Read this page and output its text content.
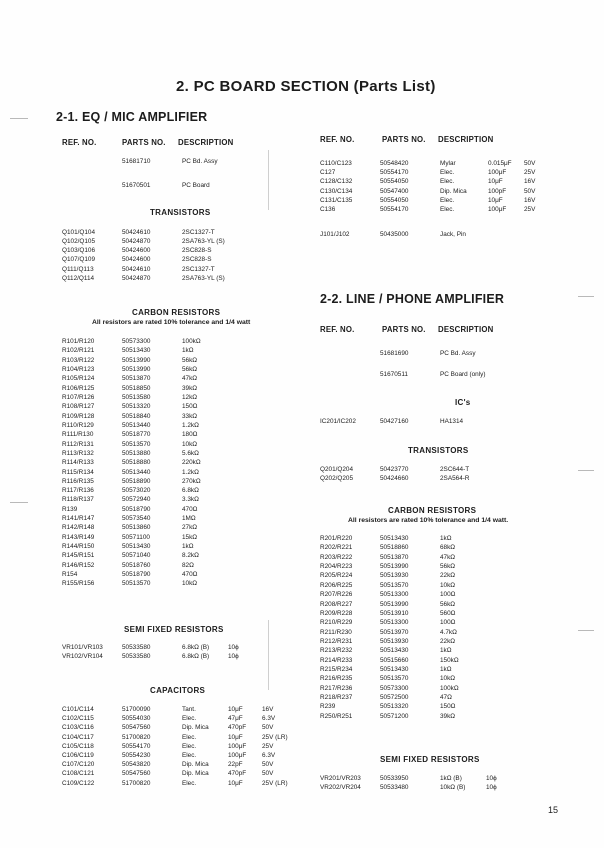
2. PC BOARD SECTION (Parts List)
2-1. EQ / MIC AMPLIFIER
REF. NO.	PARTS NO. DESCRIPTION
51681710	PC Bd. Assy
51670501	PC Board
TRANSISTORS
Q101/Q104	50424610	2SC1327-T
Q102/Q105	50424870	2SA763-YL (S)
Q103/Q106	50424600	2SC828-S
Q107/Q109	50424600	2SC828-S
Q111/Q113	50424610	2SC1327-T
Q112/Q114	50424870	2SA763-YL (S)
CARBON RESISTORS
All resistors are rated 10% tolerance and 1/4 watt
R101/R120	50573300	100kΩ
R102/R121	50513430	1kΩ
R103/R122	50513990	56kΩ
R104/R123	50513990	56kΩ
R105/R124	50513870	47kΩ
R106/R125	50518850	39kΩ
R107/R126	50513580	12kΩ
R108/R127	50513320	150Ω
R109/R128	50518840	33kΩ
R110/R129	50513440	1.2kΩ
R111/R130	50518770	180Ω
R112/R131	50513570	10kΩ
R113/R132	50513880	5.6kΩ
R114/R133	50518880	220kΩ
R115/R134	50513440	1.2kΩ
R116/R135	50518890	270kΩ
R117/R136	50573020	6.8kΩ
R118/R137	50572940	3.3kΩ
R139	50518790	470Ω
R141/R147	50573540	1MΩ
R142/R148	50513860	27kΩ
R143/R149	50571100	15kΩ
R144/R150	50513430	1kΩ
R145/R151	50571040	8.2kΩ
R146/R152	50518760	82Ω
R154	50518790	470Ω
R155/R156	50513570	10kΩ
SEMI FIXED RESISTORS
VR101/VR103	50533580	6.8kΩ (B)	10ϕ
VR102/VR104	50533580	6.8kΩ (B)	10ϕ
CAPACITORS
C101/C114	51700090	Tant.	10μF	16V
C102/C115	50554030	Elec.	47μF	6.3V
C103/C116	50547560	Dip. Mica	470pF 50V
C104/C117	51700820	Elec.	10μF	25V (LR)
C105/C118	50554170	Elec.	100μF 25V
C106/C119	50554230	Elec.	100μF 6.3V
C107/C120	50543820	Dip. Mica	22pF	50V
C108/C121	50547560	Dip. Mica	470pF 50V
C109/C122	51700820	Elec.	10μF	25V (LR)
REF. NO.	PARTS NO. DESCRIPTION
C110/C123	50548420	Mylar	0.015μF 50V
C127	50554170	Elec.	100μF	25V
C128/C132	50554050	Elec.	10μF	16V
C130/C134	50547400	Dip. Mica	100pF	50V
C131/C135	50554050	Elec.	10μF	16V
C136	50554170	Elec.	100μF	25V
J101/J102	50435000	Jack, Pin
2-2. LINE / PHONE AMPLIFIER
REF. NO.	PARTS NO. DESCRIPTION
51681690	PC Bd. Assy
51670511	PC Board (only)
IC's
IC201/IC202	50427160	HA1314
TRANSISTORS
Q201/Q204	50423770	2SC644-T
Q202/Q205	50424660	2SA564-R
CARBON RESISTORS
All resistors are rated 10% tolerance and 1/4 watt.
R201/R220	50513430	1kΩ
R202/R221	50518860	68kΩ
R203/R222	50513870	47kΩ
R204/R223	50513990	56kΩ
R205/R224	50513930	22kΩ
R206/R225	50513570	10kΩ
R207/R226	50513300	100Ω
R208/R227	50513990	56kΩ
R209/R228	50513910	560Ω
R210/R229	50513300	100Ω
R211/R230	50513970	4.7kΩ
R212/R231	50513930	22kΩ
R213/R232	50513430	1kΩ
R214/R233	50515660	150kΩ
R215/R234	50513430	1kΩ
R216/R235	50513570	10kΩ
R217/R236	50573300	100kΩ
R218/R237	50572500	47Ω
R239	50513320	150Ω
R250/R251	50571200	39kΩ
SEMI FIXED RESISTORS
VR201/VR203	50533950	1kΩ (B)	10ϕ
VR202/VR204	50533480	10kΩ (B)	10ϕ
15
